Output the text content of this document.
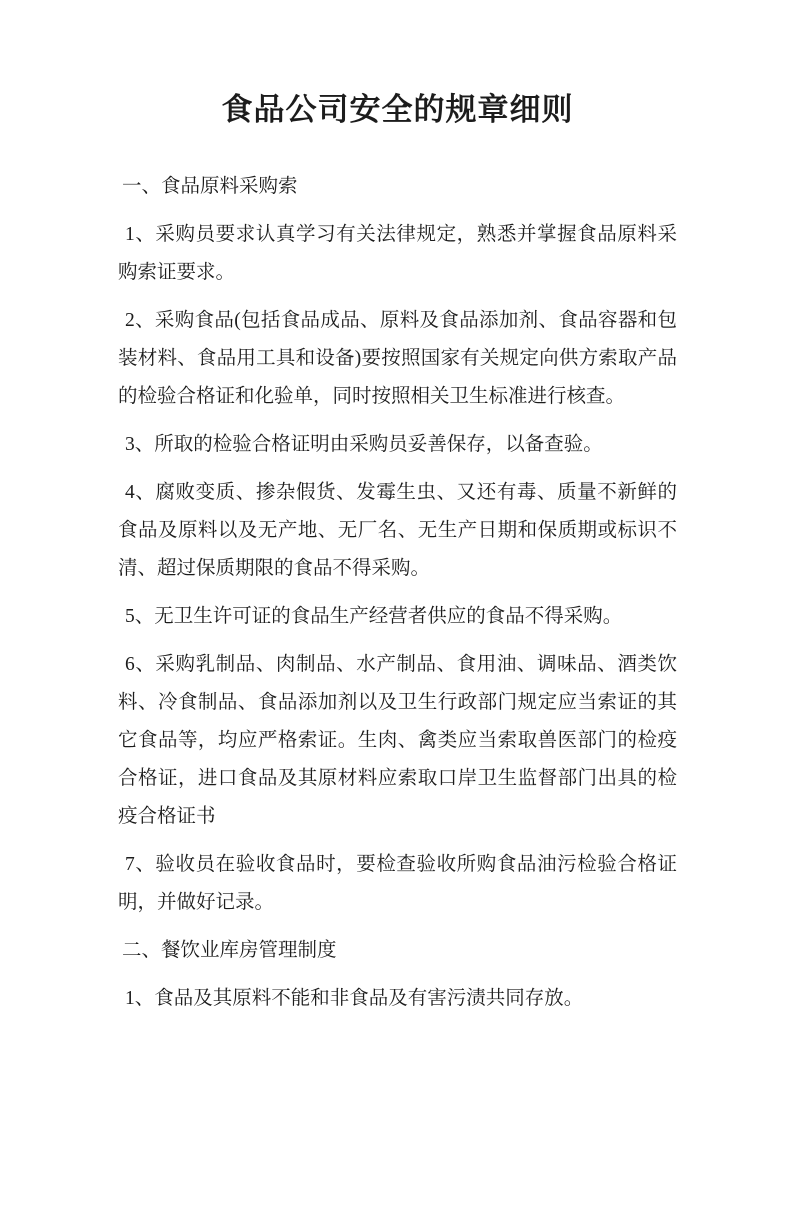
食品公司安全的规章细则

一、食品原料采购索

1、采购员要求认真学习有关法律规定，熟悉并掌握食品原料采购索证要求。

2、采购食品(包括食品成品、原料及食品添加剂、食品容器和包装材料、食品用工具和设备)要按照国家有关规定向供方索取产品的检验合格证和化验单，同时按照相关卫生标准进行核查。

3、所取的检验合格证明由采购员妥善保存，以备查验。

4、腐败变质、掺杂假货、发霉生虫、又还有毒、质量不新鲜的食品及原料以及无产地、无厂名、无生产日期和保质期或标识不清、超过保质期限的食品不得采购。

5、无卫生许可证的食品生产经营者供应的食品不得采购。

6、采购乳制品、肉制品、水产制品、食用油、调味品、酒类饮料、冷食制品、食品添加剂以及卫生行政部门规定应当索证的其它食品等，均应严格索证。生肉、禽类应当索取兽医部门的检疫合格证，进口食品及其原材料应索取口岸卫生监督部门出具的检疫合格证书

7、验收员在验收食品时，要检查验收所购食品油污检验合格证明，并做好记录。

二、餐饮业库房管理制度

1、食品及其原料不能和非食品及有害污渍共同存放。
